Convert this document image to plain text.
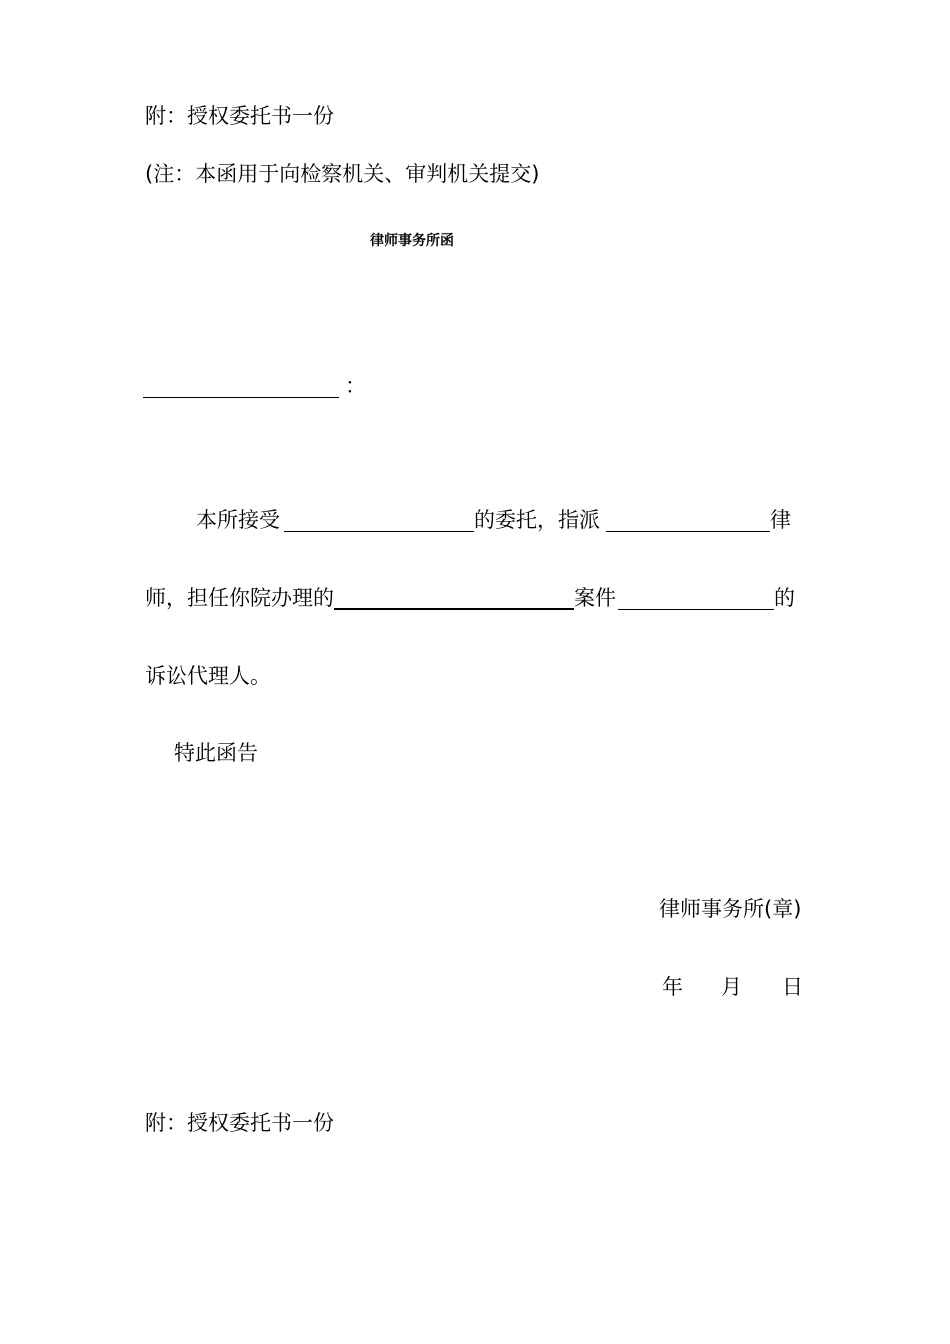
附：授权委托书一份
(注：本函用于向检察机关、审判机关提交)
律师事务所函
：
本所接受	的委托，指派	律
师，担任你院办理的	案件	的
诉讼代理人。
特此函告
律师事务所(章)
年 月 日
附：授权委托书一份
